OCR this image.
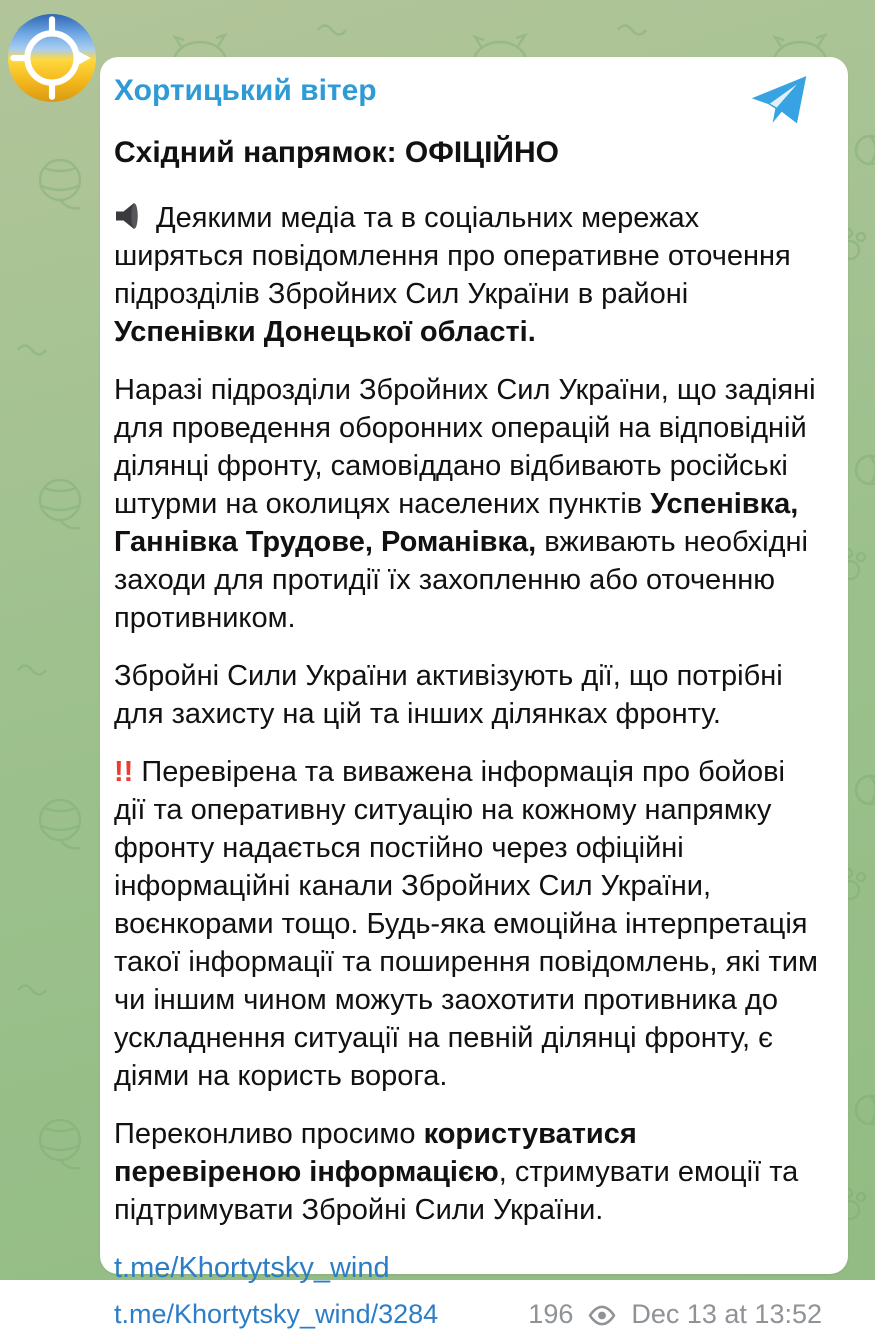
Хортицький вітер
Східний напрямок: ОФІЦІЙНО

Деякими медіа та в соціальних мережах ширяться повідомлення про оперативне оточення підрозділів Збройних Сил України в районі Успенівки Донецької області.

Наразі підрозділи Збройних Сил України, що задіяні для проведення оборонних операцій на відповідній ділянці фронту, самовіддано відбивають російські штурми на околицях населених пунктів Успенівка, Ганнівка Трудове, Романівка, вживають необхідні заходи для протидії їх захопленню або оточенню противником.

Збройні Сили України активізують дії, що потрібні для захисту на цій та інших ділянках фронту.

!! Перевірена та виважена інформація про бойові дії та оперативну ситуацію на кожному напрямку фронту надається постійно через офіційні інформаційні канали Збройних Сил України, воєнкорами тощо. Будь-яка емоційна інтерпретація такої інформації та поширення повідомлень, які тим чи іншим чином можуть заохотити противника до ускладнення ситуації на певній ділянці фронту, є діями на користь ворога.

Переконливо просимо користуватися перевіреною інформацією, стримувати емоції та підтримувати Збройні Сили України.

t.me/Khortytsky_wind

t.me/Khortytsky_wind/3284	196 Dec 13 at 13:52
